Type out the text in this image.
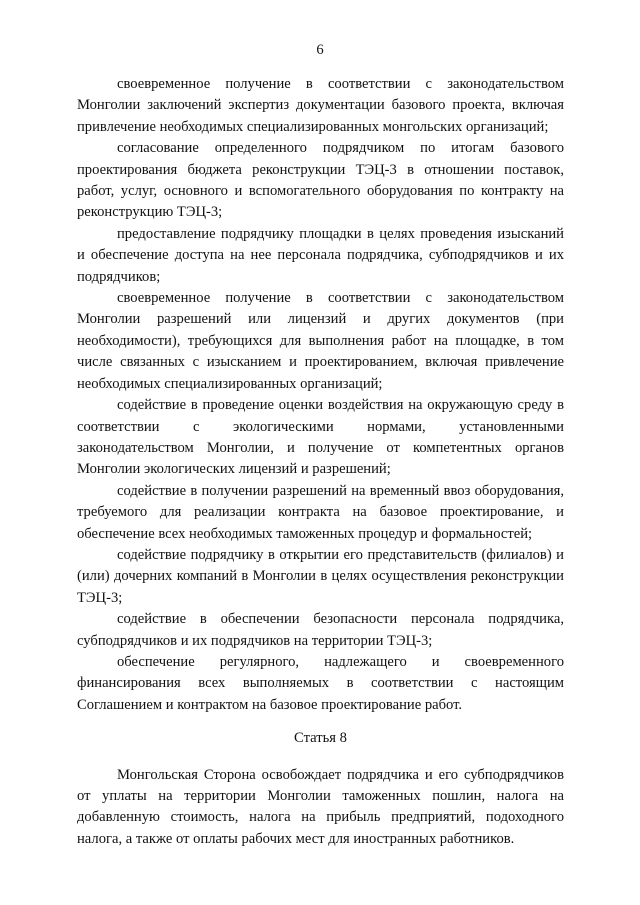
6

своевременное получение в соответствии с законодательством Монголии заключений экспертиз документации базового проекта, включая привлечение необходимых специализированных монгольских организаций;

согласование определенного подрядчиком по итогам базового проектирования бюджета реконструкции ТЭЦ-3 в отношении поставок, работ, услуг, основного и вспомогательного оборудования по контракту на реконструкцию ТЭЦ-3;

предоставление подрядчику площадки в целях проведения изысканий и обеспечение доступа на нее персонала подрядчика, субподрядчиков и их подрядчиков;

своевременное получение в соответствии с законодательством Монголии разрешений или лицензий и других документов (при необходимости), требующихся для выполнения работ на площадке, в том числе связанных с изысканием и проектированием, включая привлечение необходимых специализированных организаций;

содействие в проведение оценки воздействия на окружающую среду в соответствии с экологическими нормами, установленными законодательством Монголии, и получение от компетентных органов Монголии экологических лицензий и разрешений;

содействие в получении разрешений на временный ввоз оборудования, требуемого для реализации контракта на базовое проектирование, и обеспечение всех необходимых таможенных процедур и формальностей;

содействие подрядчику в открытии его представительств (филиалов) и (или) дочерних компаний в Монголии в целях осуществления реконструкции ТЭЦ-3;

содействие в обеспечении безопасности персонала подрядчика, субподрядчиков и их подрядчиков на территории ТЭЦ-3;

обеспечение регулярного, надлежащего и своевременного финансирования всех выполняемых в соответствии с настоящим Соглашением и контрактом на базовое проектирование работ.

Статья 8

Монгольская Сторона освобождает подрядчика и его субподрядчиков от уплаты на территории Монголии таможенных пошлин, налога на добавленную стоимость, налога на прибыль предприятий, подоходного налога, а также от оплаты рабочих мест для иностранных работников.
